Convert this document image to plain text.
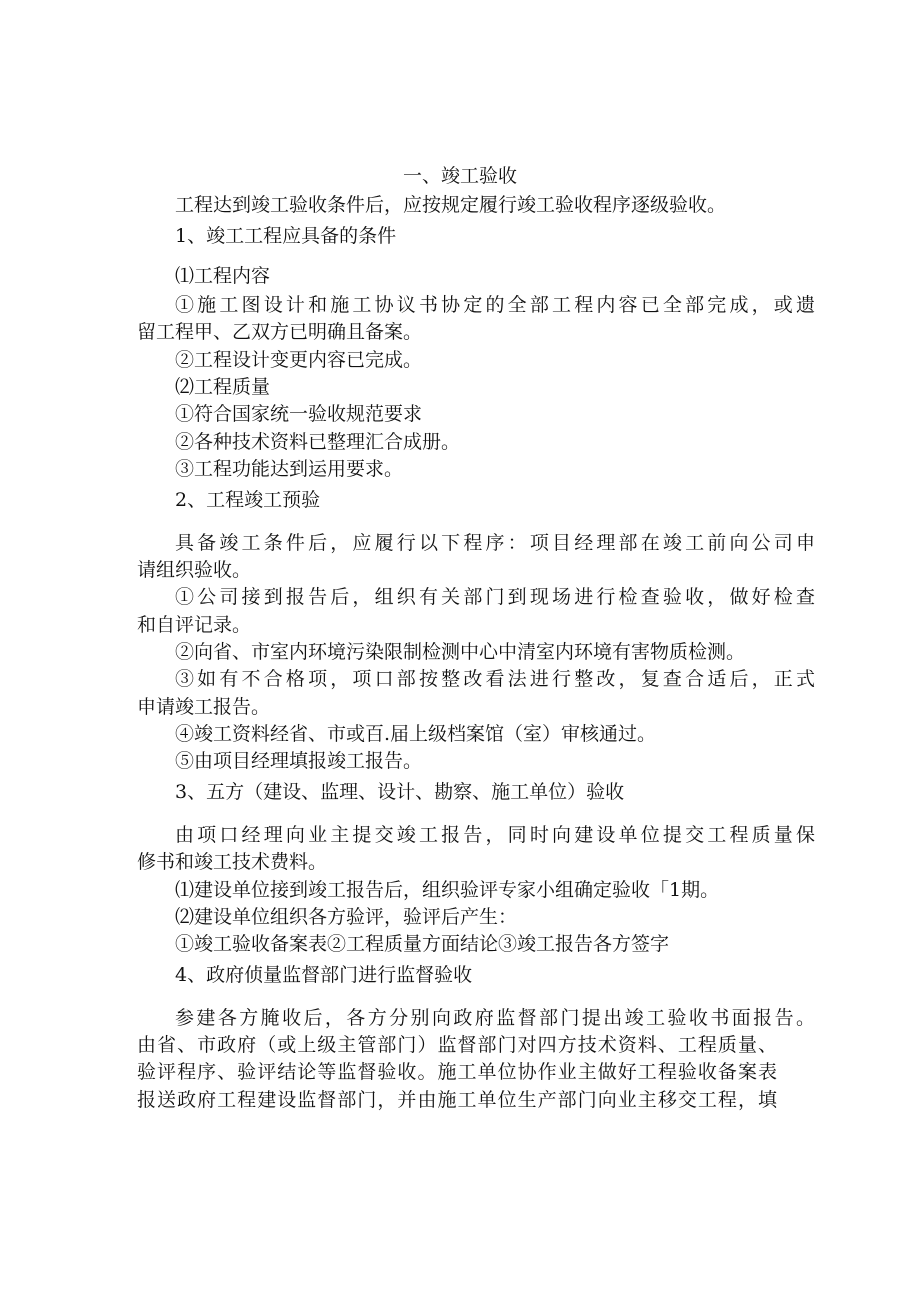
一、竣工验收
工程达到竣工验收条件后，应按规定履行竣工验收程序逐级验收。
1、竣工工程应具备的条件
⑴工程内容
①施工图设计和施工协议书协定的全部工程内容已全部完成，或遗
留工程甲、乙双方已明确且备案。
②工程设计变更内容已完成。
⑵工程质量
①符合国家统一验收规范要求
②各种技术资料已整理汇合成册。
③工程功能达到运用要求。
2、工程竣工预验
具备竣工条件后，应履行以下程序：项目经理部在竣工前向公司申
请组织验收。
①公司接到报告后，组织有关部门到现场进行检查验收，做好检查
和自评记录。
②向省、市室内环境污染限制检测中心中清室内环境有害物质检测。
③如有不合格项，项口部按整改看法进行整改，复查合适后，正式
申请竣工报告。
④竣工资料经省、市或百.届上级档案馆（室）审核通过。
⑤由项目经理填报竣工报告。
3、五方（建设、监理、设计、勘察、施工单位）验收
由项口经理向业主提交竣工报告，同时向建设单位提交工程质量保
修书和竣工技术费料。
⑴建设单位接到竣工报告后，组织验评专家小组确定验收「1期。
⑵建设单位组织各方验评，验评后产生：
①竣工验收备案表②工程质量方面结论③竣工报告各方签字
4、政府侦量监督部门进行监督验收
参建各方腌收后，各方分别向政府监督部门提出竣工验收书面报告。
由省、市政府（或上级主管部门）监督部门对四方技术资料、工程质量、
验评程序、验评结论等监督验收。施工单位协作业主做好工程验收备案表
报送政府工程建设监督部门，并由施工单位生产部门向业主移交工程，填
